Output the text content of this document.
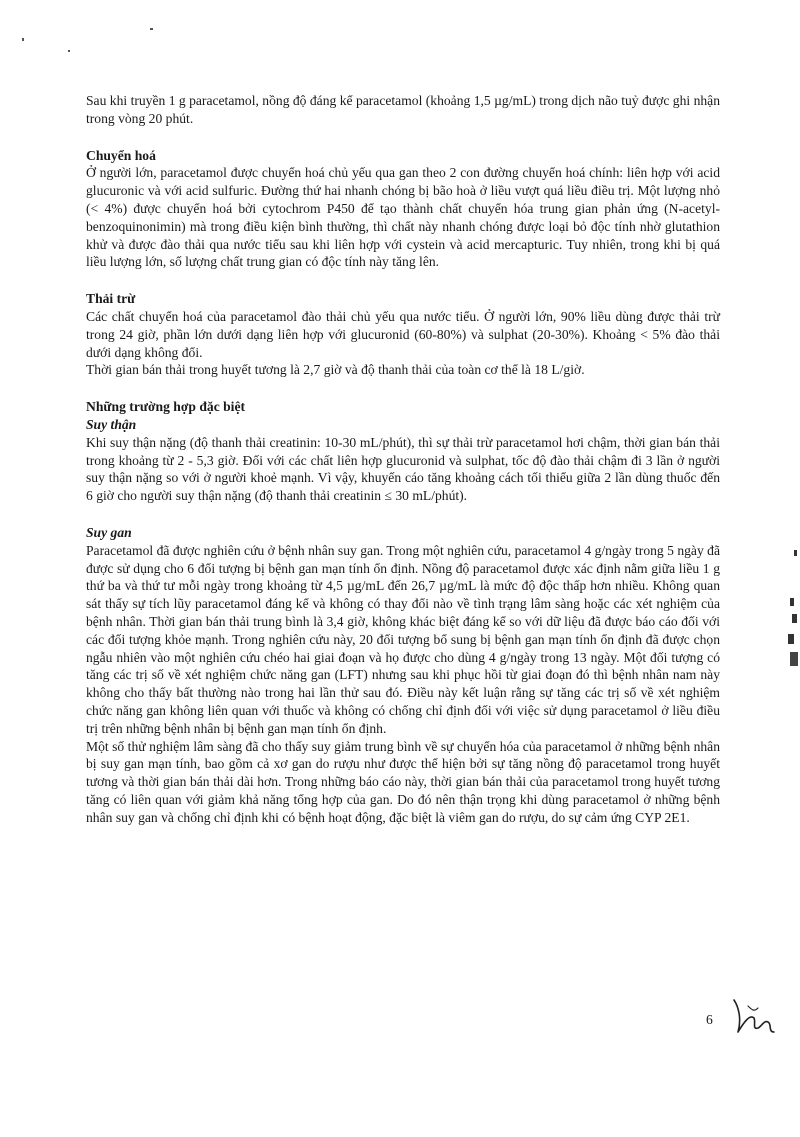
Sau khi truyền 1 g paracetamol, nồng độ đáng kể paracetamol (khoảng 1,5 µg/mL) trong dịch não tuỷ được ghi nhận trong vòng 20 phút.

Chuyển hoá

Ở người lớn, paracetamol được chuyển hoá chủ yếu qua gan theo 2 con đường chuyển hoá chính: liên hợp với acid glucuronic và với acid sulfuric. Đường thứ hai nhanh chóng bị bão hoà ở liều vượt quá liều điều trị. Một lượng nhỏ (< 4%) được chuyển hoá bởi cytochrom P450 để tạo thành chất chuyển hóa trung gian phản ứng (N-acetyl-benzoquinonimin) mà trong điều kiện bình thường, thì chất này nhanh chóng được loại bỏ độc tính nhờ glutathion khử và được đào thải qua nước tiểu sau khi liên hợp với cystein và acid mercapturic. Tuy nhiên, trong khi bị quá liều lượng lớn, số lượng chất trung gian có độc tính này tăng lên.

Thải trừ

Các chất chuyển hoá của paracetamol đào thải chủ yếu qua nước tiểu. Ở người lớn, 90% liều dùng được thải trừ trong 24 giờ, phần lớn dưới dạng liên hợp với glucuronid (60-80%) và sulphat (20-30%). Khoảng < 5% đào thải dưới dạng không đổi.

Thời gian bán thải trong huyết tương là 2,7 giờ và độ thanh thải của toàn cơ thể là 18 L/giờ.

Những trường hợp đặc biệt
Suy thận

Khi suy thận nặng (độ thanh thải creatinin: 10-30 mL/phút), thì sự thải trừ paracetamol hơi chậm, thời gian bán thải trong khoảng từ 2 - 5,3 giờ. Đối với các chất liên hợp glucuronid và sulphat, tốc độ đào thải chậm đi 3 lần ở người suy thận nặng so với ở người khoẻ mạnh. Vì vậy, khuyến cáo tăng khoảng cách tối thiểu giữa 2 lần dùng thuốc đến 6 giờ cho người suy thận nặng (độ thanh thải creatinin ≤ 30 mL/phút).

Suy gan

Paracetamol đã được nghiên cứu ở bệnh nhân suy gan. Trong một nghiên cứu, paracetamol 4 g/ngày trong 5 ngày đã được sử dụng cho 6 đối tượng bị bệnh gan mạn tính ổn định. Nồng độ paracetamol được xác định nằm giữa liều 1 g thứ ba và thứ tư mỗi ngày trong khoảng từ 4,5 µg/mL đến 26,7 µg/mL là mức độ độc thấp hơn nhiều. Không quan sát thấy sự tích lũy paracetamol đáng kể và không có thay đổi nào về tình trạng lâm sàng hoặc các xét nghiệm của bệnh nhân. Thời gian bán thải trung bình là 3,4 giờ, không khác biệt đáng kể so với dữ liệu đã được báo cáo đối với các đối tượng khỏe mạnh. Trong nghiên cứu này, 20 đối tượng bổ sung bị bệnh gan mạn tính ổn định đã được chọn ngẫu nhiên vào một nghiên cứu chéo hai giai đoạn và họ được cho dùng 4 g/ngày trong 13 ngày. Một đối tượng có tăng các trị số về xét nghiệm chức năng gan (LFT) nhưng sau khi phục hồi từ giai đoạn đó thì bệnh nhân nam này không cho thấy bất thường nào trong hai lần thử sau đó. Điều này kết luận rằng sự tăng các trị số về xét nghiệm chức năng gan không liên quan với thuốc và không có chống chỉ định đối với việc sử dụng paracetamol ở liều điều trị trên những bệnh nhân bị bệnh gan mạn tính ổn định.

Một số thử nghiệm lâm sàng đã cho thấy suy giảm trung bình về sự chuyển hóa của paracetamol ở những bệnh nhân bị suy gan mạn tính, bao gồm cả xơ gan do rượu như được thể hiện bởi sự tăng nồng độ paracetamol trong huyết tương và thời gian bán thải dài hơn. Trong những báo cáo này, thời gian bán thải của paracetamol trong huyết tương tăng có liên quan với giảm khả năng tổng hợp của gan. Do đó nên thận trọng khi dùng paracetamol ở những bệnh nhân suy gan và chống chỉ định khi có bệnh hoạt động, đặc biệt là viêm gan do rượu, do sự cảm ứng CYP 2E1.

6
